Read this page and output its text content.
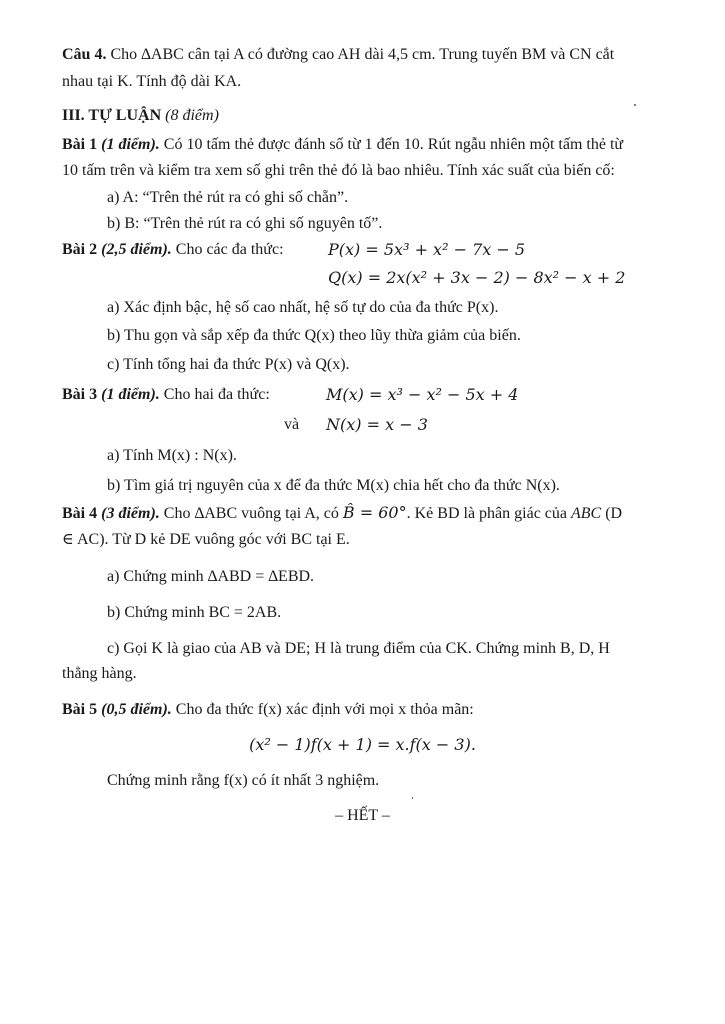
Câu 4. Cho ∆ABC cân tại A có đường cao AH dài 4,5 cm. Trung tuyến BM và CN cắt
nhau tại K. Tính độ dài KA.
III. TỰ LUẬN (8 điểm)
Bài 1 (1 điểm). Có 10 tấm thẻ được đánh số từ 1 đến 10. Rút ngẫu nhiên một tấm thẻ từ
10 tấm trên và kiểm tra xem số ghi trên thẻ đó là bao nhiêu. Tính xác suất của biến cố:
a) A: “Trên thẻ rút ra có ghi số chẵn”.
b) B: “Trên thẻ rút ra có ghi số nguyên tố”.
Bài 2 (2,5 điểm). Cho các đa thức:	P(x) = 5x³ + x² − 7x − 5
Q(x) = 2x(x² + 3x − 2) − 8x² − x + 2
a) Xác định bậc, hệ số cao nhất, hệ số tự do của đa thức P(x).
b) Thu gọn và sắp xếp đa thức Q(x) theo lũy thừa giảm của biến.
c) Tính tổng hai đa thức P(x) và Q(x).
Bài 3 (1 điểm). Cho hai đa thức:	M(x) = x³ − x² − 5x + 4
và N(x) = x − 3
a) Tính M(x) : N(x).
b) Tìm giá trị nguyên của x để đa thức M(x) chia hết cho đa thức N(x).
Bài 4 (3 điểm). Cho ∆ABC vuông tại A, có B̂ = 60°. Kẻ BD là phân giác của ABC (D
∈ AC). Từ D kẻ DE vuông góc với BC tại E.
a) Chứng minh ∆ABD = ∆EBD.
b) Chứng minh BC = 2AB.
c) Gọi K là giao của AB và DE; H là trung điểm của CK. Chứng minh B, D, H
thẳng hàng.
Bài 5 (0,5 điểm). Cho đa thức f(x) xác định với mọi x thỏa mãn:
(x² − 1)f(x + 1) = x.f(x − 3).
Chứng minh rằng f(x) có ít nhất 3 nghiệm.
– HẾT –
